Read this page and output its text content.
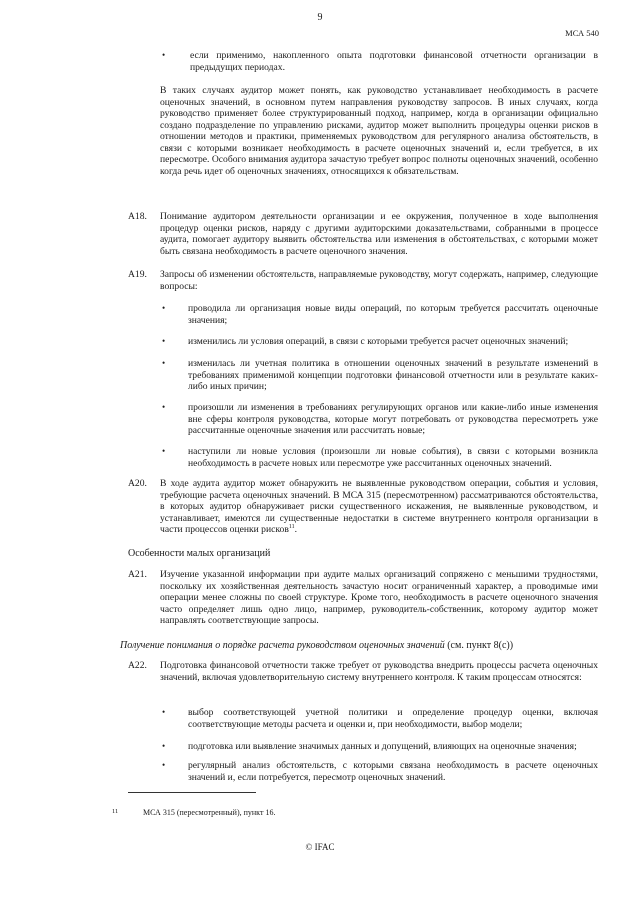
9
МСА 540
•	если применимо, накопленного опыта подготовки финансовой отчетности организации в предыдущих периодах.
В таких случаях аудитор может понять, как руководство устанавливает необходимость в расчете оценочных значений, в основном путем направления руководству запросов. В иных случаях, когда руководство применяет более структурированный подход, например, когда в организации официально создано подразделение по управлению рисками, аудитор может выполнить процедуры оценки рисков в отношении методов и практики, применяемых руководством для регулярного анализа обстоятельств, в связи с которыми возникает необходимость в расчете оценочных значений и, если требуется, в их пересмотре. Особого внимания аудитора зачастую требует вопрос полноты оценочных значений, особенно когда речь идет об оценочных значениях, относящихся к обязательствам.
А18. Понимание аудитором деятельности организации и ее окружения, полученное в ходе выполнения процедур оценки рисков, наряду с другими аудиторскими доказательствами, собранными в процессе аудита, помогает аудитору выявить обстоятельства или изменения в обстоятельствах, с которыми может быть связана необходимость в расчете оценочного значения.
А19. Запросы об изменении обстоятельств, направляемые руководству, могут содержать, например, следующие вопросы:
• проводила ли организация новые виды операций, по которым требуется рассчитать оценочные значения;
• изменились ли условия операций, в связи с которыми требуется расчет оценочных значений;
• изменилась ли учетная политика в отношении оценочных значений в результате изменений в требованиях применимой концепции подготовки финансовой отчетности или в результате каких-либо иных причин;
• произошли ли изменения в требованиях регулирующих органов или какие-либо иные изменения вне сферы контроля руководства, которые могут потребовать от руководства пересмотреть уже рассчитанные оценочные значения или рассчитать новые;
• наступили ли новые условия (произошли ли новые события), в связи с которыми возникла необходимость в расчете новых или пересмотре уже рассчитанных оценочных значений.
А20. В ходе аудита аудитор может обнаружить не выявленные руководством операции, события и условия, требующие расчета оценочных значений. В МСА 315 (пересмотренном) рассматриваются обстоятельства, в которых аудитор обнаруживает риски существенного искажения, не выявленные руководством, и устанавливает, имеются ли существенные недостатки в системе внутреннего контроля организации в части процессов оценки рисков$^{11}$.
Особенности малых организаций
А21. Изучение указанной информации при аудите малых организаций сопряжено с меньшими трудностями, поскольку их хозяйственная деятельность зачастую носит ограниченный характер, а проводимые ими операции менее сложны по своей структуре. Кроме того, необходимость в расчете оценочного значения часто определяет лишь одно лицо, например, руководитель-собственник, которому аудитор может направлять соответствующие запросы.
Получение понимания о порядке расчета руководством оценочных значений (см. пункт 8(c))
А22. Подготовка финансовой отчетности также требует от руководства внедрить процессы расчета оценочных значений, включая удовлетворительную систему внутреннего контроля. К таким процессам относятся:
• выбор соответствующей учетной политики и определение процедур оценки, включая соответствующие методы расчета и оценки и, при необходимости, выбор модели;
• подготовка или выявление значимых данных и допущений, влияющих на оценочные значения;
• регулярный анализ обстоятельств, с которыми связана необходимость в расчете оценочных значений и, если потребуется, пересмотр оценочных значений.
11	МСА 315 (пересмотренный), пункт 16.
© IFAC
